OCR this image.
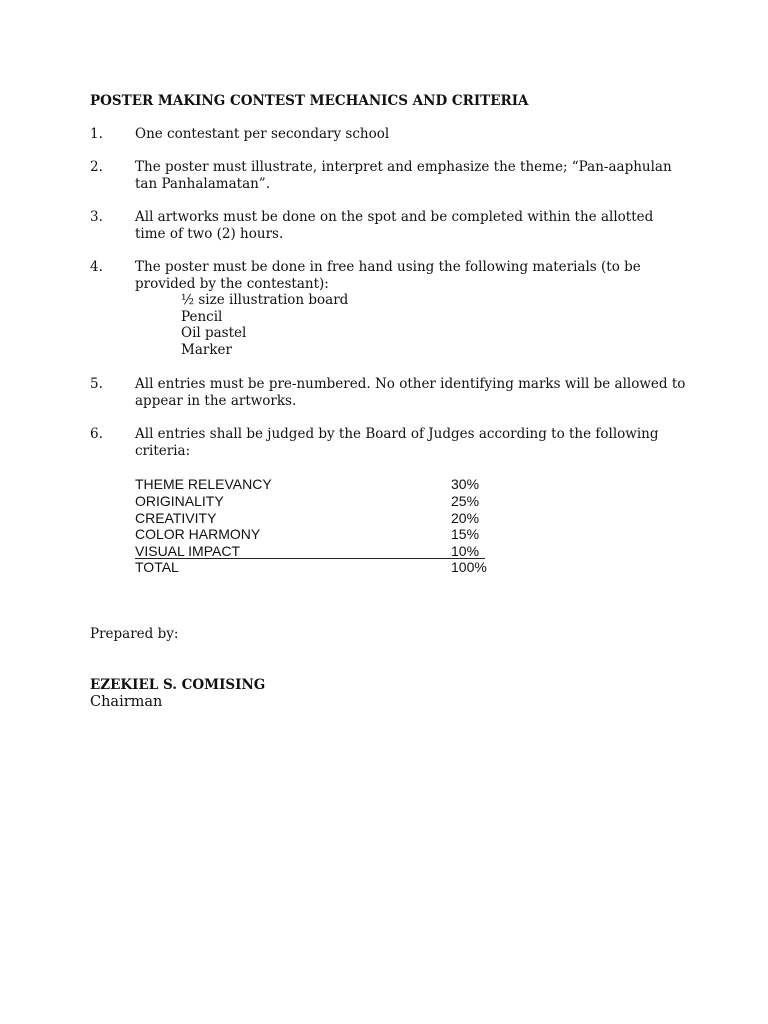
POSTER MAKING CONTEST MECHANICS AND CRITERIA
1. One contestant per secondary school
2. The poster must illustrate, interpret and emphasize the theme; “Pan-aaphulan
tan Panhalamatan”.
3. All artworks must be done on the spot and be completed within the allotted
time of two (2) hours.
4. The poster must be done in free hand using the following materials (to be
provided by the contestant):
½ size illustration board
Pencil
Oil pastel
Marker
5. All entries must be pre-numbered. No other identifying marks will be allowed to
appear in the artworks.
6. All entries shall be judged by the Board of Judges according to the following
criteria:
THEME RELEVANCY	30%
ORIGINALITY	25%
CREATIVITY	20%
COLOR HARMONY	15%
VISUAL IMPACT	10%
TOTAL	100%
Prepared by:
EZEKIEL S. COMISING
Chairman
